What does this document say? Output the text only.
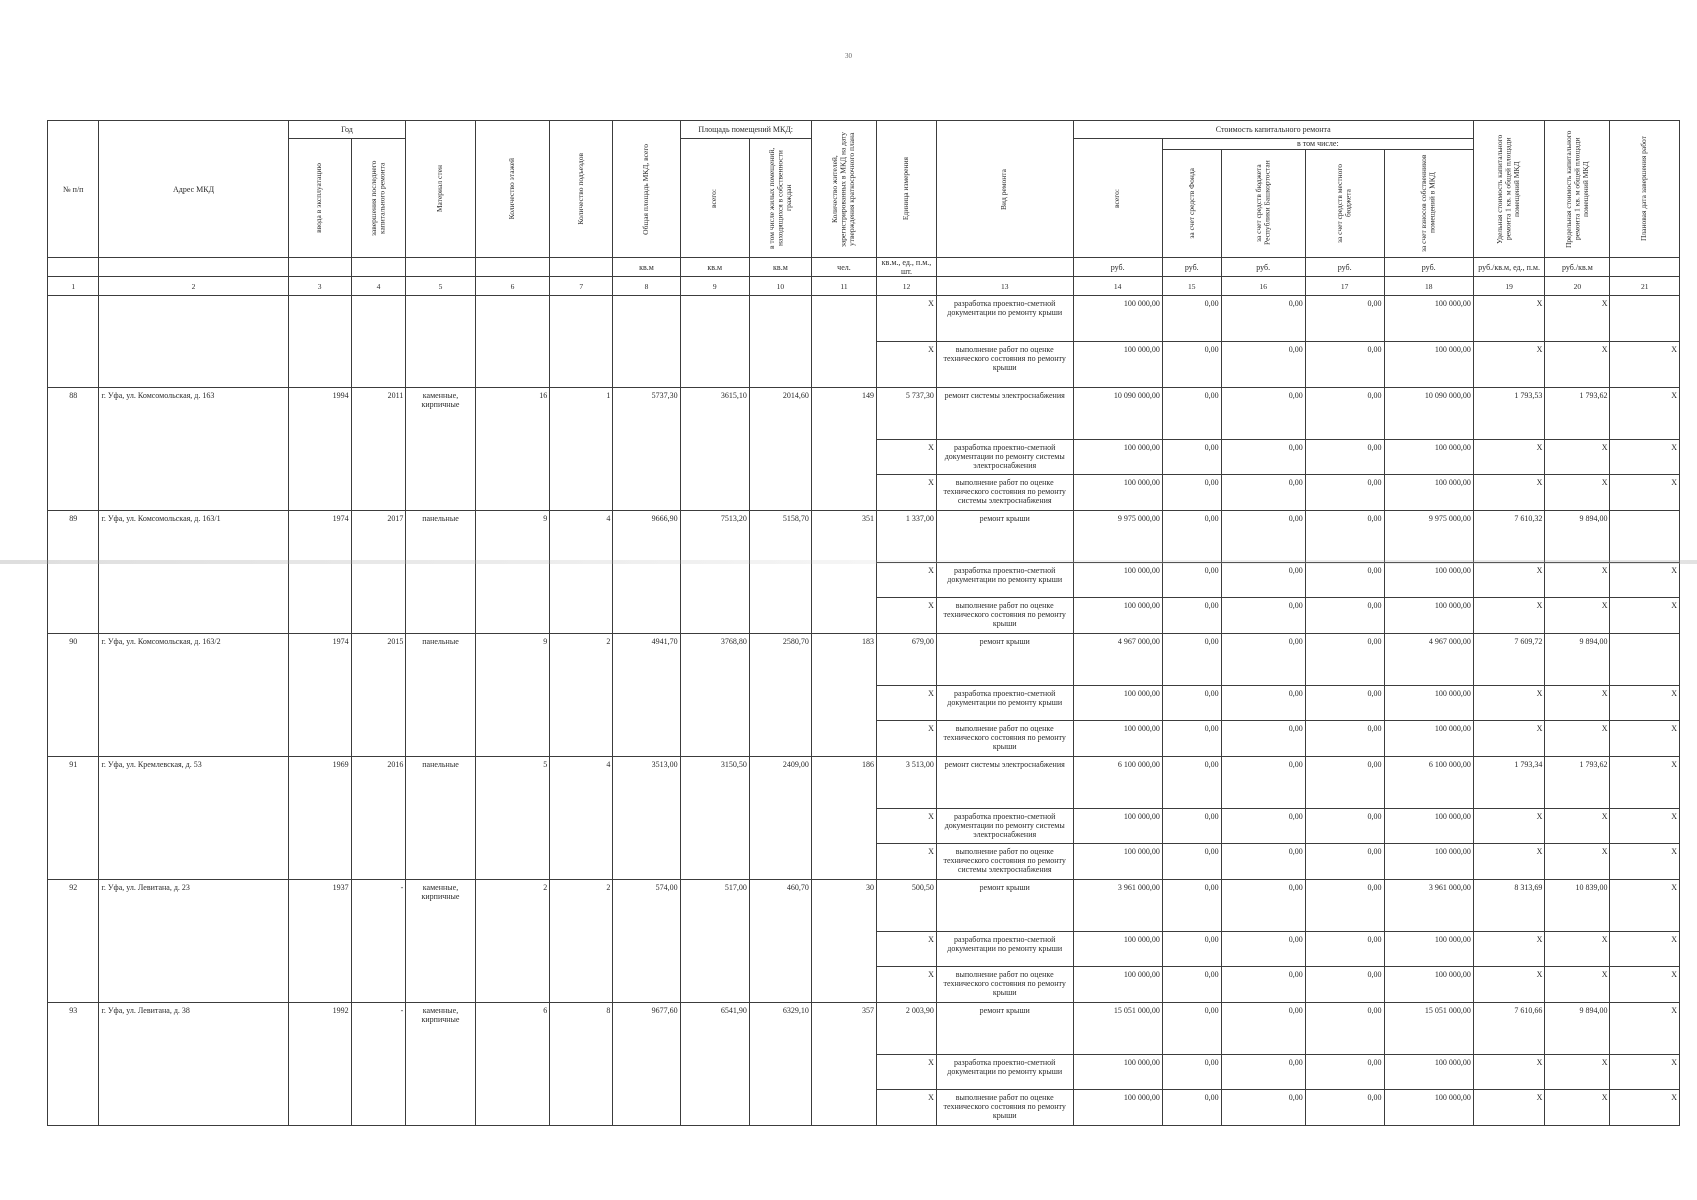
30
№ п/п	Адрес МКД	Год		Материал стен	Количество этажей	Количество подъездов	Общая площадь МКД, всего	Площадь помещений МКД:		Количество жителей, зарегистрированных в МКД на дату утверждения краткосрочного плана	Единица измерения	Вид ремонта	Стоимость капитального ремонта					Удельная стоимость капитального ремонта 1 кв. м общей площади помещений МКД	Предельная стоимость капитального ремонта 1 кв. м общей площади помещений МКД	Плановая дата завершения работ

		ввода в эксплуатацию	завершения последнего капитального ремонта					всего:	в том числе жилых помещений, находящихся в собственности граждан				всего:	в том числе:						

														за счет средств Фонда	за счет средств бюджета Республики Башкортостан	за счет средств местного бюджета	за счет взносов собственников помещений в МКД			

							кв.м	кв.м	кв.м	чел.	кв.м., ед., п.м., шт.		руб.	руб.	руб.	руб.	руб.	руб./кв.м, ед., п.м.	руб./кв.м	
1	2	3	4	5	6	7	8	9	10	11	12	13	14	15	16	17	18	19	20	21
											X	разработка проектно-сметной документации по ремонту крыши	100 000,00	0,00	0,00	0,00	100 000,00	X	X	
											X	выполнение работ по оценке технического состояния по ремонту крыши	100 000,00	0,00	0,00	0,00	100 000,00	X	X	X
88	г. Уфа, ул. Комсомольская, д. 163	1994	2011	каменные, кирпичные	16	1	5737,30	3615,10	2014,60	149	5 737,30	ремонт системы электроснабжения	10 090 000,00	0,00	0,00	0,00	10 090 000,00	1 793,53	1 793,62	X
											X	разработка проектно-сметной документации по ремонту системы электроснабжения	100 000,00	0,00	0,00	0,00	100 000,00	X	X	X
											X	выполнение работ по оценке технического состояния по ремонту системы электроснабжения	100 000,00	0,00	0,00	0,00	100 000,00	X	X	X
89	г. Уфа, ул. Комсомольская, д. 163/1	1974	2017	панельные	9	4	9666,90	7513,20	5158,70	351	1 337,00	ремонт крыши	9 975 000,00	0,00	0,00	0,00	9 975 000,00	7 610,32	9 894,00	
											X	разработка проектно-сметной документации по ремонту крыши	100 000,00	0,00	0,00	0,00	100 000,00	X	X	X
											X	выполнение работ по оценке технического состояния по ремонту крыши	100 000,00	0,00	0,00	0,00	100 000,00	X	X	X
90	г. Уфа, ул. Комсомольская, д. 163/2	1974	2015	панельные	9	2	4941,70	3768,80	2580,70	183	679,00	ремонт крыши	4 967 000,00	0,00	0,00	0,00	4 967 000,00	7 609,72	9 894,00	
											X	разработка проектно-сметной документации по ремонту крыши	100 000,00	0,00	0,00	0,00	100 000,00	X	X	X
											X	выполнение работ по оценке технического состояния по ремонту крыши	100 000,00	0,00	0,00	0,00	100 000,00	X	X	X
91	г. Уфа, ул. Кремлевская, д. 53	1969	2016	панельные	5	4	3513,00	3150,50	2409,00	186	3 513,00	ремонт системы электроснабжения	6 100 000,00	0,00	0,00	0,00	6 100 000,00	1 793,34	1 793,62	X
											X	разработка проектно-сметной документации по ремонту системы электроснабжения	100 000,00	0,00	0,00	0,00	100 000,00	X	X	X
											X	выполнение работ по оценке технического состояния по ремонту системы электроснабжения	100 000,00	0,00	0,00	0,00	100 000,00	X	X	X
92	г. Уфа, ул. Левитана, д. 23	1937	-	каменные, кирпичные	2	2	574,00	517,00	460,70	30	500,50	ремонт крыши	3 961 000,00	0,00	0,00	0,00	3 961 000,00	8 313,69	10 839,00	X
											X	разработка проектно-сметной документации по ремонту крыши	100 000,00	0,00	0,00	0,00	100 000,00	X	X	X
											X	выполнение работ по оценке технического состояния по ремонту крыши	100 000,00	0,00	0,00	0,00	100 000,00	X	X	X
93	г. Уфа, ул. Левитана, д. 38	1992	-	каменные, кирпичные	6	8	9677,60	6541,90	6329,10	357	2 003,90	ремонт крыши	15 051 000,00	0,00	0,00	0,00	15 051 000,00	7 610,66	9 894,00	X
											X	разработка проектно-сметной документации по ремонту крыши	100 000,00	0,00	0,00	0,00	100 000,00	X	X	X
											X	выполнение работ по оценке технического состояния по ремонту крыши	100 000,00	0,00	0,00	0,00	100 000,00	X	X	X
